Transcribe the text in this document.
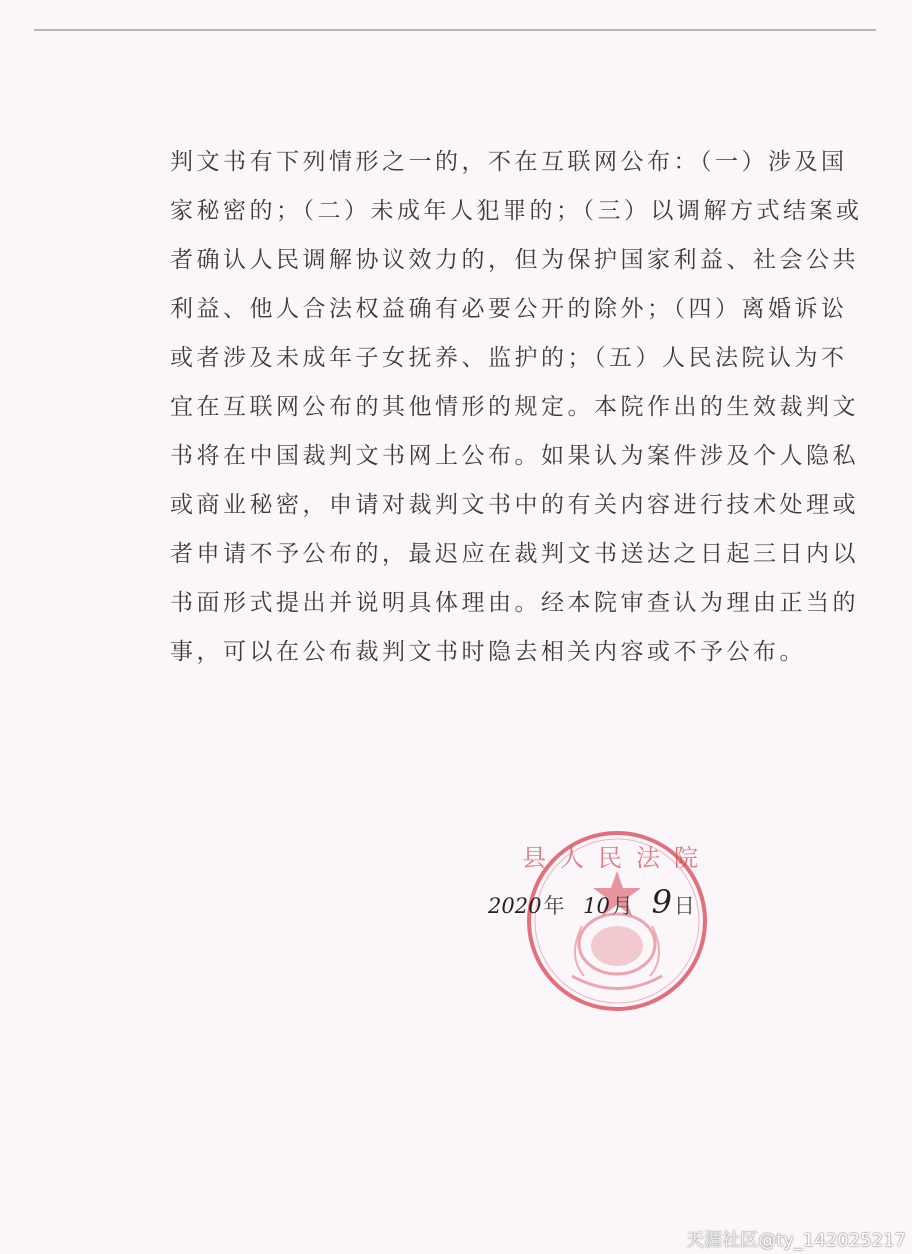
判文书有下列情形之一的，不在互联网公布：（一）涉及国
家秘密的；（二）未成年人犯罪的；（三）以调解方式结案或
者确认人民调解协议效力的，但为保护国家利益、社会公共
利益、他人合法权益确有必要公开的除外；（四）离婚诉讼
或者涉及未成年子女抚养、监护的；（五）人民法院认为不
宜在互联网公布的其他情形的规定。本院作出的生效裁判文
书将在中国裁判文书网上公布。如果认为案件涉及个人隐私
或商业秘密，申请对裁判文书中的有关内容进行技术处理或
者申请不予公布的，最迟应在裁判文书送达之日起三日内以
书面形式提出并说明具体理由。经本院审查认为理由正当的
事，可以在公布裁判文书时隐去相关内容或不予公布。
县人民法院
2020年 10月 9日
天涯社区@ty_142025217
